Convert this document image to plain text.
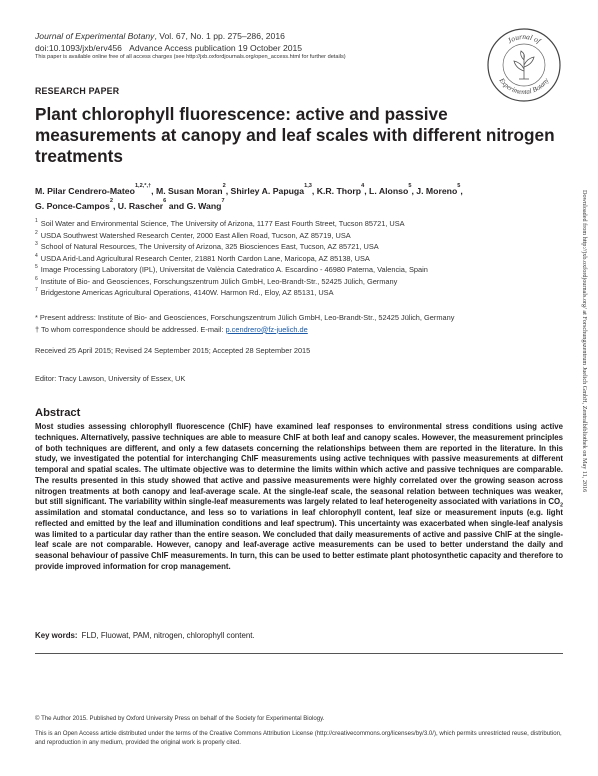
Journal of Experimental Botany, Vol. 67, No. 1 pp. 275–286, 2016
doi:10.1093/jxb/erv456 Advance Access publication 19 October 2015
This paper is available online free of all access charges (see http://jxb.oxfordjournals.org/open_access.html for further details)
Journal of
Experimental Botany
RESEARCH PAPER
Plant chlorophyll fluorescence: active and passive measurements at canopy and leaf scales with different nitrogen treatments
M. Pilar Cendrero-Mateo$^{1,2,*,\dagger}$, M. Susan Moran$^2$, Shirley A. Papuga$^{1,3}$, K.R. Thorp$^4$, L. Alonso$^5$, J. Moreno$^5$,
G. Ponce-Campos$^2$, U. Rascher$^6$ and G. Wang$^7$
$^1$ Soil Water and Environmental Science, The University of Arizona, 1177 East Fourth Street, Tucson 85721, USA
$^2$ USDA Southwest Watershed Research Center, 2000 East Allen Road, Tucson, AZ 85719, USA
$^3$ School of Natural Resources, The University of Arizona, 325 Biosciences East, Tucson, AZ 85721, USA
$^4$ USDA Arid-Land Agricultural Research Center, 21881 North Cardon Lane, Maricopa, AZ 85138, USA
$^5$ Image Processing Laboratory (IPL), Universitat de València Catedratico A. Escardino - 46980 Paterna, Valencia, Spain
$^6$ Institute of Bio- and Geosciences, Forschungszentrum Jülich GmbH, Leo-Brandt-Str., 52425 Jülich, Germany
$^7$ Bridgestone Americas Agricultural Operations, 4140W. Harmon Rd., Eloy, AZ 85131, USA
* Present address: Institute of Bio- and Geosciences, Forschungszentrum Jülich GmbH, Leo-Brandt-Str., 52425 Jülich, Germany
† To whom correspondence should be addressed. E-mail: p.cendrero@fz-juelich.de
Received 25 April 2015; Revised 24 September 2015; Accepted 28 September 2015
Editor: Tracy Lawson, University of Essex, UK
Abstract

Most studies assessing chlorophyll fluorescence (ChlF) have examined leaf responses to environmental stress conditions using active techniques. Alternatively, passive techniques are able to measure ChlF at both leaf and canopy scales. However, the measurement principles of both techniques are different, and only a few datasets concerning the relationships between them are reported in the literature. In this study, we investigated the potential for interchanging ChlF measurements using active techniques with passive measurements at different temporal and spatial scales. The ultimate objective was to determine the limits within which active and passive techniques are comparable. The results presented in this study showed that active and passive measurements were highly correlated over the growing season across nitrogen treatments at both canopy and leaf-average scale. At the single-leaf scale, the seasonal relation between techniques was weaker, but still significant. The variability within single-leaf measurements was largely related to leaf heterogeneity associated with variations in $CO_2$ assimilation and stomatal conductance, and less so to variations in leaf chlorophyll content, leaf size or measurement inputs (e.g. light reflected and emitted by the leaf and illumination conditions and leaf spectrum). This uncertainty was exacerbated when single-leaf analysis was limited to a particular day rather than the entire season. We concluded that daily measurements of active and passive ChlF at the single-leaf scale are not comparable. However, canopy and leaf-average active measurements can be used to better understand the daily and seasonal behaviour of passive ChlF measurements. In turn, this can be used to better estimate plant photosynthetic capacity and therefore to provide improved information for crop management.

Key words: FLD, Fluowat, PAM, nitrogen, chlorophyll content.
© The Author 2015. Published by Oxford University Press on behalf of the Society for Experimental Biology.
This is an Open Access article distributed under the terms of the Creative Commons Attribution License (http://creativecommons.org/licenses/by/3.0/), which permits unrestricted reuse, distribution, and reproduction in any medium, provided the original work is properly cited.
Downloaded from http://jxb.oxfordjournals.org/ at Forschungszentrum Juelich GmbH, Zentralbibliothek on May 11, 2016
